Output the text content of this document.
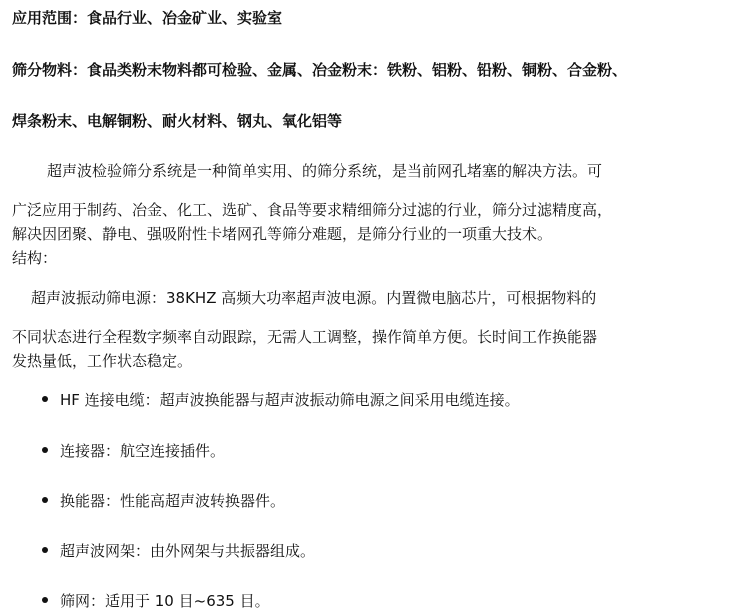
应用范围：食品行业、冶金矿业、实验室
筛分物料：食品类粉末物料都可检验、金属、冶金粉末：铁粉、铝粉、铅粉、铜粉、合金粉、
焊条粉末、电解铜粉、耐火材料、钢丸、氧化铝等
超声波检验筛分系统是一种简单实用、的筛分系统，是当前网孔堵塞的解决方法。可
广泛应用于制药、冶金、化工、选矿、食品等要求精细筛分过滤的行业，筛分过滤精度高，
解决因团聚、静电、强吸附性卡堵网孔等筛分难题，是筛分行业的一项重大技术。
结构：
超声波振动筛电源：38KHZ 高频大功率超声波电源。内置微电脑芯片，可根据物料的
不同状态进行全程数字频率自动跟踪，无需人工调整，操作简单方便。长时间工作换能器
发热量低，工作状态稳定。
HF 连接电缆：超声波换能器与超声波振动筛电源之间采用电缆连接。
连接器：航空连接插件。
换能器：性能高超声波转换器件。
超声波网架：由外网架与共振器组成。
筛网：适用于 10 目~635 目。
